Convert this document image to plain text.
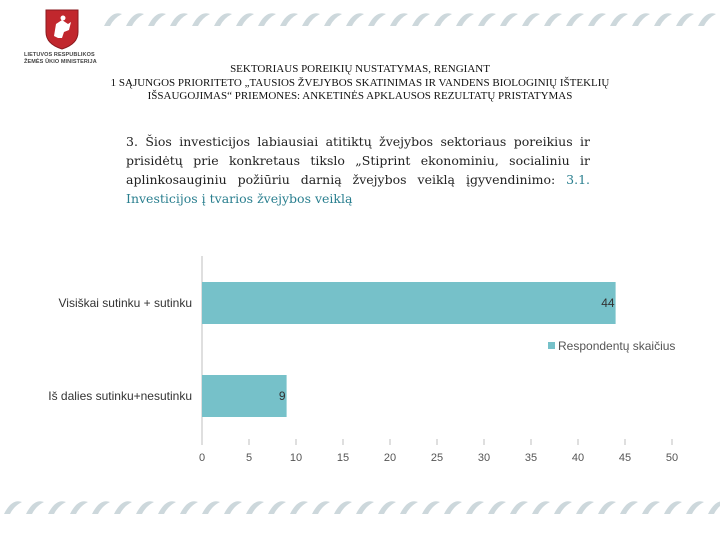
LIETUVOS RESPUBLIKOS
ŽEMĖS ŪKIO MINISTERIJA
SEKTORIAUS POREIKIŲ NUSTATYMAS, RENGIANT
1 SĄJUNGOS PRIORITETO „TAUSIOS ŽVEJYBOS SKATINIMAS IR VANDENS BIOLOGINIŲ IŠTEKLIŲ
IŠSAUGOJIMAS“ PRIEMONES: ANKETINĖS APKLAUSOS REZULTATŲ PRISTATYMAS
3. Šios investicijos labiausiai atitiktų žvejybos sektoriaus poreikius ir prisidėtų prie konkretaus tikslo „Stiprint ekonominiu, socialiniu ir aplinkosauginiu požiūriu darnią žvejybos veiklą įgyvendinimo: 3.1. Investicijos į tvarios žvejybos veiklą
0	5	10	15	20	25	30	35	40	45	50
Visiškai sutinku + sutinku	44
Iš dalies sutinku+nesutinku	9
Respondentų skaičius
